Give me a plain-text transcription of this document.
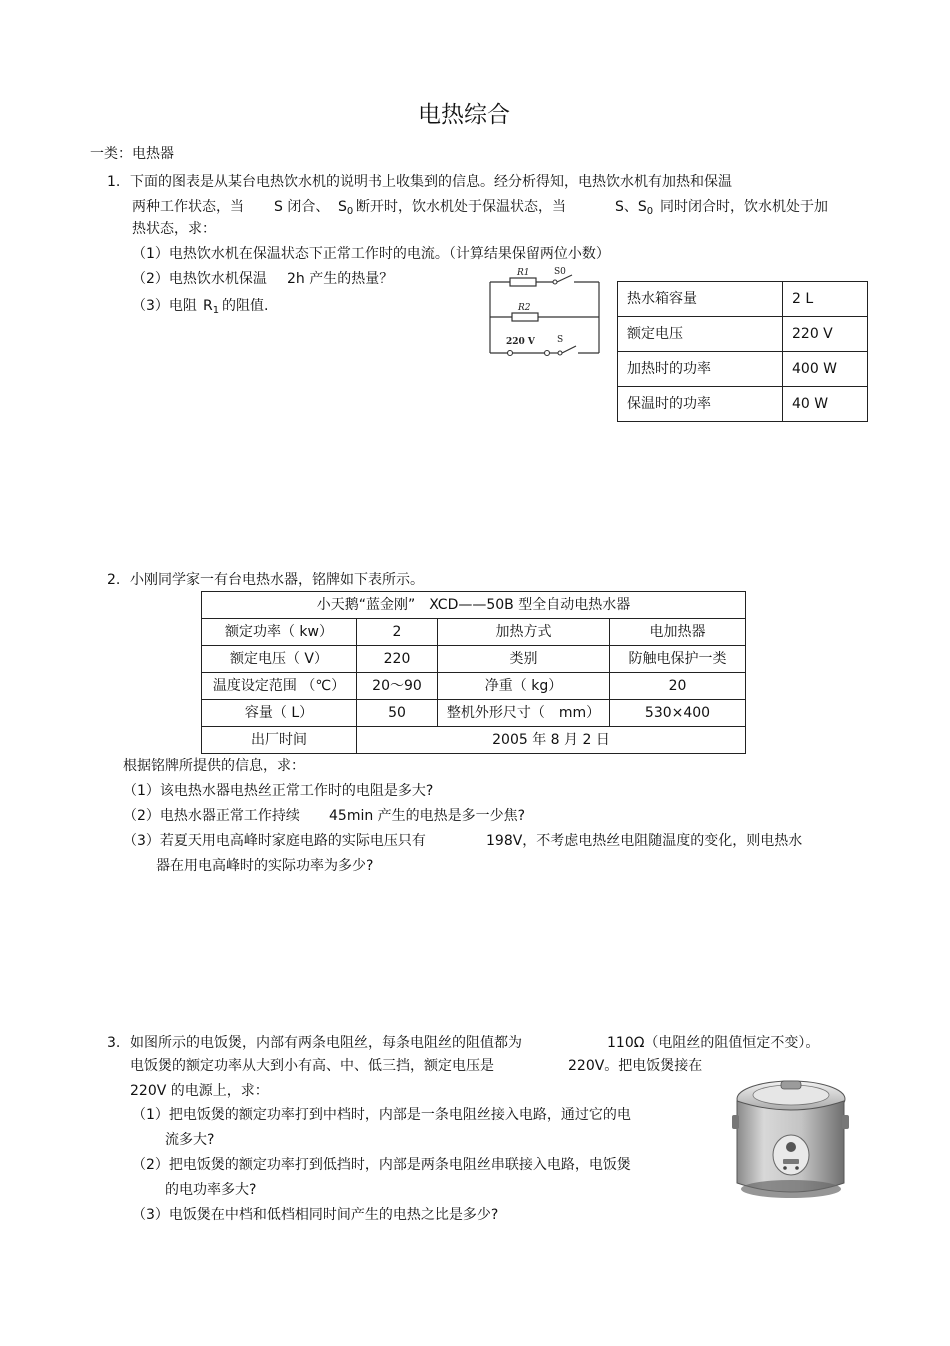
电热综合
一类：电热器
1. 下面的图表是从某台电热饮水机的说明书上收集到的信息。经分析得知，电热饮水机有加热和保温
两种工作状态，当 S 闭合、 $S_0$ 断开时，饮水机处于保温状态，当	S、$S_0$ 同时闭合时，饮水机处于加
热状态，求：
（1）电热饮水机在保温状态下正常工作时的电流。（计算结果保留两位小数）
（2）电热饮水机保温 2h 产生的热量？
（3）电阻 $R_1$ 的阻值.
R1	S0
R2
220 V S
热水箱容量	2 L
额定电压	220 V
加热时的功率	400 W
保温时的功率	40 W
2. 小刚同学家一有台电热水器，铭牌如下表所示。
小天鹅“蓝金刚”　XCD——50B 型全自动电热水器			
额定功率（ kw）	2	加热方式	电加热器
额定电压（ V）	220	类别	防触电保护一类
温度设定范围 （℃）	20～90	净重（ kg）	20
容量（ L）	50	整机外形尺寸（　mm）	530×400
出厂时间	2005 年 8 月 2 日		
根据铭牌所提供的信息，求：
（1）该电热水器电热丝正常工作时的电阻是多大?
（2）电热水器正常工作持续 45min 产生的电热是多一少焦?
（3）若夏天用电高峰时家庭电路的实际电压只有	198V，不考虑电热丝电阻随温度的变化，则电热水
器在用电高峰时的实际功率为多少?
3. 如图所示的电饭煲，内部有两条电阻丝，每条电阻丝的阻值都为	110Ω（电阻丝的阻值恒定不变）。
电饭煲的额定功率从大到小有高、中、低三挡，额定电压是	220V。把电饭煲接在
220V 的电源上，求：
（1）把电饭煲的额定功率打到中档时，内部是一条电阻丝接入电路，通过它的电
流多大?
（2）把电饭煲的额定功率打到低挡时，内部是两条电阻丝串联接入电路，电饭煲
的电功率多大?
（3）电饭煲在中档和低档相同时间产生的电热之比是多少?
